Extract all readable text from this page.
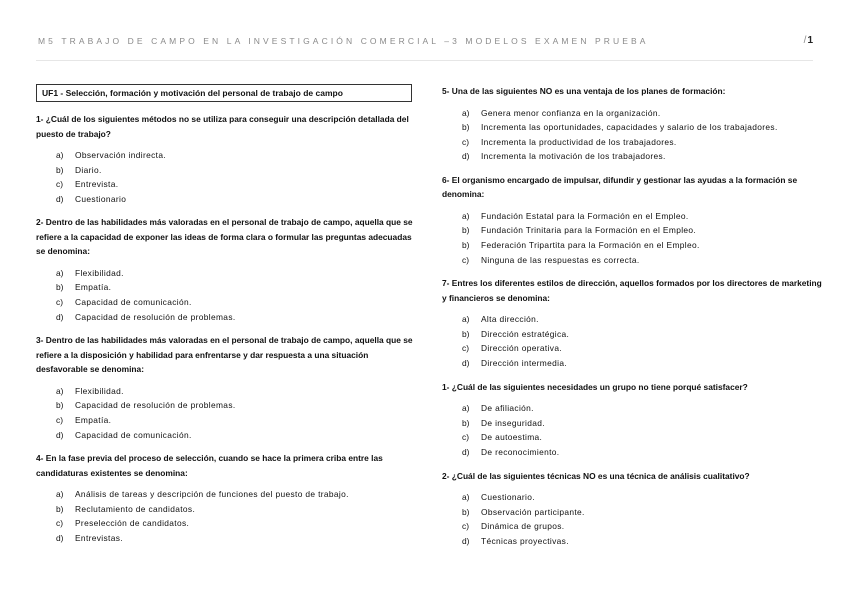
M5 TRABAJO DE CAMPO EN LA INVESTIGACIÓN COMERCIAL –3 MODELOS EXAMEN PRUEBA	/1
UF1 - Selección, formación y motivación del personal de trabajo de campo

1- ¿Cuál de los siguientes métodos no se utiliza para conseguir una descripción detallada del puesto de trabajo?

a)	Observación indirecta.
b)	Diario.
c)	Entrevista.
d)	Cuestionario

2- Dentro de las habilidades más valoradas en el personal de trabajo de campo, aquella que se refiere a la capacidad de exponer las ideas de forma clara o formular las preguntas adecuadas se denomina:

a)	Flexibilidad.
b)	Empatía.
c)	Capacidad de comunicación.
d)	Capacidad de resolución de problemas.

3- Dentro de las habilidades más valoradas en el personal de trabajo de campo, aquella que se refiere a la disposición y habilidad para enfrentarse y dar respuesta a una situación desfavorable se denomina:

a)	Flexibilidad.
b)	Capacidad de resolución de problemas.
c)	Empatía.
d)	Capacidad de comunicación.

4- En la fase previa del proceso de selección, cuando se hace la primera criba entre las candidaturas existentes se denomina:

a)	Análisis de tareas y descripción de funciones del puesto de trabajo.
b)	Reclutamiento de candidatos.
c)	Preselección de candidatos.
d)	Entrevistas.

5- Una de las siguientes NO es una ventaja de los planes de formación:

a)	Genera menor confianza en la organización.
b)	Incrementa las oportunidades, capacidades y salario de los trabajadores.
c)	Incrementa la productividad de los trabajadores.
d)	Incrementa la motivación de los trabajadores.

6- El organismo encargado de impulsar, difundir y gestionar las ayudas a la formación se denomina:

a)	Fundación Estatal para la Formación en el Empleo.
b)	Fundación Trinitaria para la Formación en el Empleo.
b)	Federación Tripartita para la Formación en el Empleo.
c)	Ninguna de las respuestas es correcta.

7- Entres los diferentes estilos de dirección, aquellos formados por los directores de marketing y financieros se denomina:

a)	Alta dirección.
b)	Dirección estratégica.
c)	Dirección operativa.
d)	Dirección intermedia.

1- ¿Cuál de las siguientes necesidades un grupo no tiene porqué satisfacer?

a)	De afiliación.
b)	De inseguridad.
c)	De autoestima.
d)	De reconocimiento.

2- ¿Cuál de las siguientes técnicas NO es una técnica de análisis cualitativo?

a)	Cuestionario.
b)	Observación participante.
c)	Dinámica de grupos.
d)	Técnicas proyectivas.
